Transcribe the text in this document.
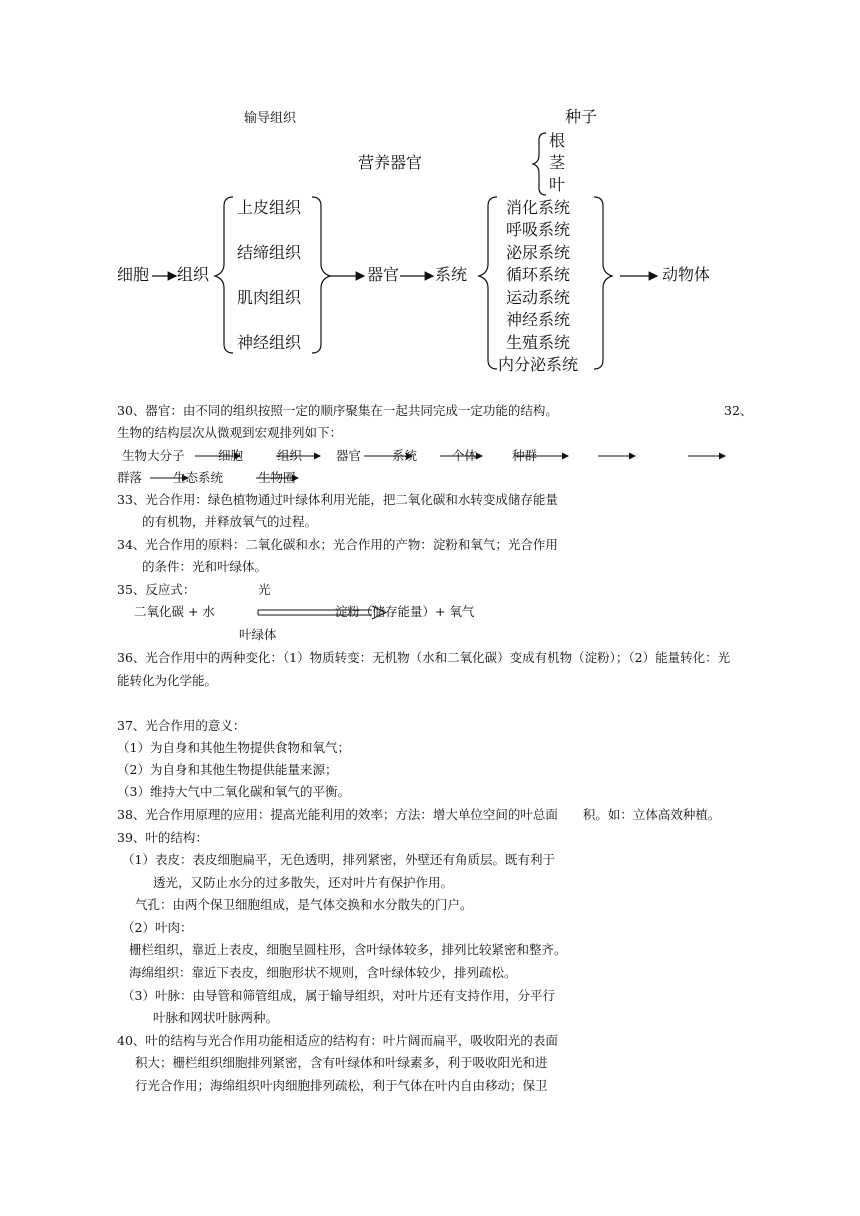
输导组织	种子
营养器官
根
茎
叶
细胞 组织
上皮组织
结缔组织
肌肉组织
神经组织
器官 系统
消化系统
呼吸系统
泌尿系统
循环系统
运动系统
神经系统
生殖系统
内分泌系统
动物体
30、器官：由不同的组织按照一定的顺序聚集在一起共同完成一定功能的结构。	32、
生物的结构层次从微观到宏观排列如下：
生物大分子	细胞	组织	器官 系统	个体	种群
群落 生态系统	生物圈
33、光合作用：绿色植物通过叶绿体利用光能，把二氧化碳和水转变成储存能量
的有机物，并释放氧气的过程。
34、光合作用的原料：二氧化碳和水；光合作用的产物：淀粉和氧气；光合作用
的条件：光和叶绿体。
35、反应式：	光
二氧化碳 + 水	淀粉（储存能量）+ 氧气
叶绿体
36、光合作用中的两种变化：（1）物质转变：无机物（水和二氧化碳）变成有机物（淀粉）；（2）能量转化：光
能转化为化学能。
37、光合作用的意义：
（1）为自身和其他生物提供食物和氧气；
（2）为自身和其他生物提供能量来源；
（3）维持大气中二氧化碳和氧气的平衡。
38、光合作用原理的应用：提高光能利用的效率；方法：增大单位空间的叶总面　　积。如：立体高效种植。
39、叶的结构：
（1）表皮：表皮细胞扁平，无色透明，排列紧密，外壁还有角质层。既有利于
透光，又防止水分的过多散失，还对叶片有保护作用。
气孔：由两个保卫细胞组成，是气体交换和水分散失的门户。
（2）叶肉：
栅栏组织，靠近上表皮，细胞呈圆柱形，含叶绿体较多，排列比较紧密和整齐。
海绵组织：靠近下表皮，细胞形状不规则，含叶绿体较少，排列疏松。
（3）叶脉：由导管和筛管组成，属于输导组织，对叶片还有支持作用，分平行
叶脉和网状叶脉两种。
40、叶的结构与光合作用功能相适应的结构有：叶片阔而扁平，吸收阳光的表面
积大；栅栏组织细胞排列紧密，含有叶绿体和叶绿素多，利于吸收阳光和进
行光合作用；海绵组织叶肉细胞排列疏松，利于气体在叶内自由移动；保卫
